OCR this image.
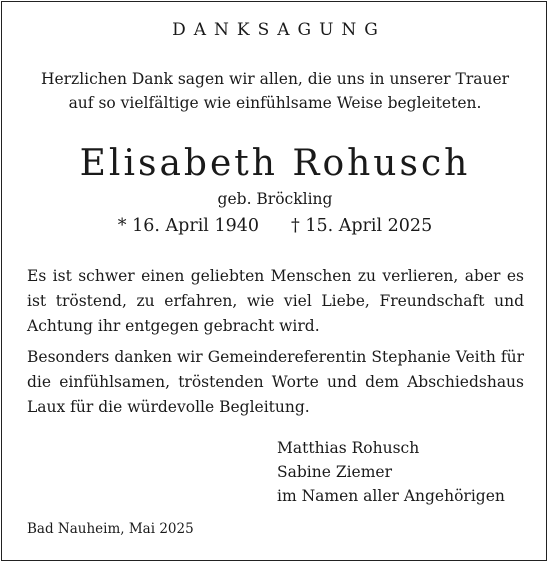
DANKSAGUNG
Herzlichen Dank sagen wir allen, die uns in unserer Trauer
auf so vielfältige wie einfühlsame Weise begleiteten.
Elisabeth Rohusch
geb. Bröckling
* 16. April 1940 † 15. April 2025
Es ist schwer einen geliebten Menschen zu verlieren, aber es ist tröstend, zu erfahren, wie viel Liebe, Freundschaft und Achtung ihr entgegen gebracht wird.
Besonders danken wir Gemeindereferentin Stephanie Veith für die einfühlsamen, tröstenden Worte und dem Abschiedshaus Laux für die würdevolle Begleitung.
Matthias Rohusch
Sabine Ziemer
im Namen aller Angehörigen
Bad Nauheim, Mai 2025
